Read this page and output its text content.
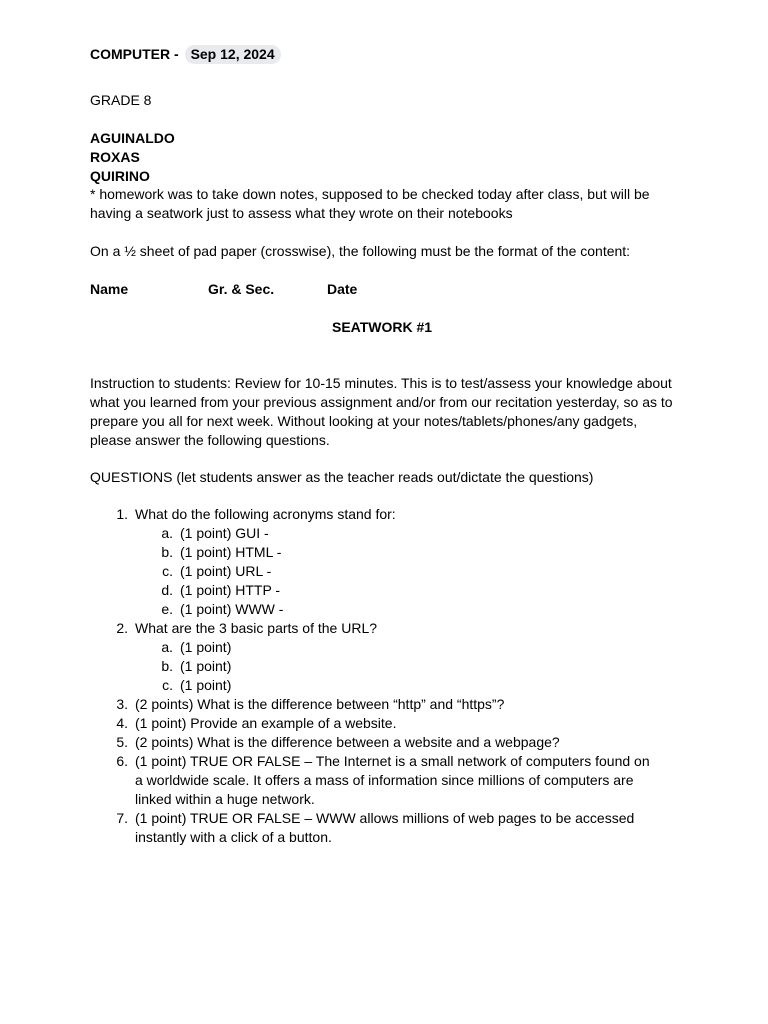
COMPUTER - Sep 12, 2024
GRADE 8
AGUINALDO
ROXAS
QUIRINO
* homework was to take down notes, supposed to be checked today after class, but will be having a seatwork just to assess what they wrote on their notebooks
On a ½ sheet of pad paper (crosswise), the following must be the format of the content:
Name	Gr. & Sec.	Date
SEATWORK #1
Instruction to students: Review for 10-15 minutes. This is to test/assess your knowledge about what you learned from your previous assignment and/or from our recitation yesterday, so as to prepare you all for next week. Without looking at your notes/tablets/phones/any gadgets, please answer the following questions.
QUESTIONS (let students answer as the teacher reads out/dictate the questions)
1. What do the following acronyms stand for:
a. (1 point) GUI -
b. (1 point) HTML -
c. (1 point) URL -
d. (1 point) HTTP -
e. (1 point) WWW -
2. What are the 3 basic parts of the URL?
a. (1 point)
b. (1 point)
c. (1 point)
3. (2 points) What is the difference between “http” and “https”?
4. (1 point) Provide an example of a website.
5. (2 points) What is the difference between a website and a webpage?
6. (1 point) TRUE OR FALSE – The Internet is a small network of computers found on a worldwide scale. It offers a mass of information since millions of computers are linked within a huge network.
7. (1 point) TRUE OR FALSE – WWW allows millions of web pages to be accessed instantly with a click of a button.
